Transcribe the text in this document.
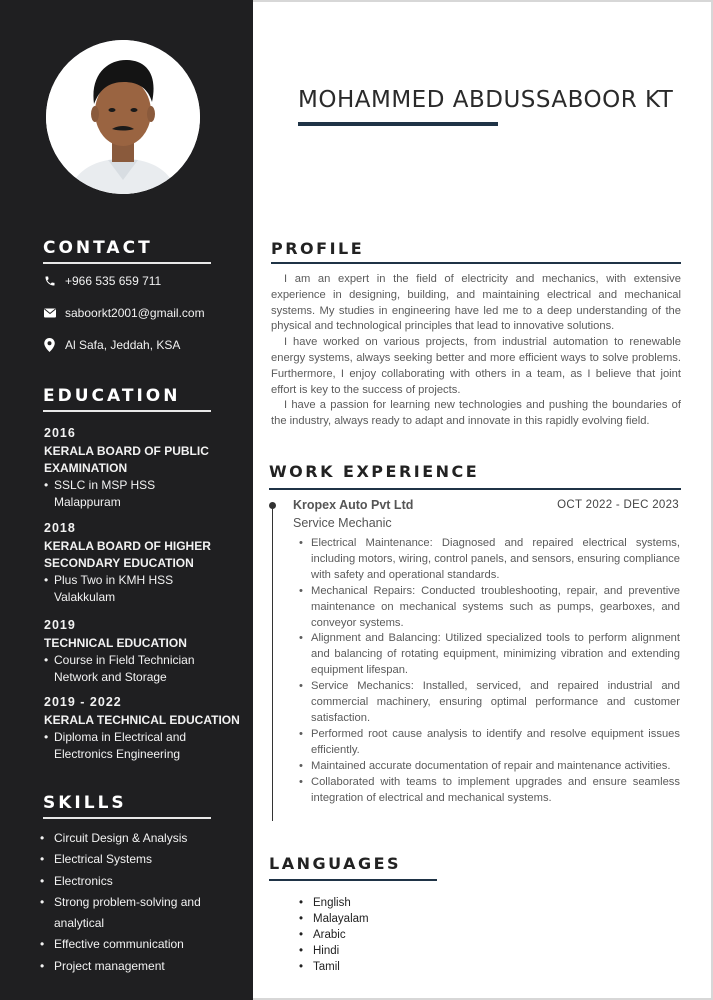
CONTACT
+966 535 659 711
saboorkt2001@gmail.com
Al Safa, Jeddah, KSA
EDUCATION
2016
KERALA BOARD OF PUBLIC
EXAMINATION
• SSLC in MSP HSS
Malappuram
2018
KERALA BOARD OF HIGHER
SECONDARY EDUCATION
• Plus Two in KMH HSS
Valakkulam
2019
TECHNICAL EDUCATION
• Course in Field Technician
Network and Storage
2019 - 2022
KERALA TECHNICAL EDUCATION
• Diploma in Electrical and
Electronics Engineering
SKILLS
• Circuit Design & Analysis
• Electrical Systems
• Electronics
• Strong problem-solving and
analytical
• Effective communication
• Project management
MOHAMMED ABDUSSABOOR KT
PROFILE

I am an expert in the field of electricity and mechanics, with extensive experience in designing, building, and maintaining electrical and mechanical systems. My studies in engineering have led me to a deep understanding of the physical and technological principles that lead to innovative solutions.

I have worked on various projects, from industrial automation to renewable energy systems, always seeking better and more efficient ways to solve problems. Furthermore, I enjoy collaborating with others in a team, as I believe that joint effort is key to the success of projects.

I have a passion for learning new technologies and pushing the boundaries of the industry, always ready to adapt and innovate in this rapidly evolving field.

WORK EXPERIENCE
Kropex Auto Pvt Ltd	OCT 2022 - DEC 2023
Service Mechanic
• Electrical Maintenance: Diagnosed and repaired electrical systems, including motors, wiring, control panels, and sensors, ensuring compliance with safety and operational standards.
• Mechanical Repairs: Conducted troubleshooting, repair, and preventive maintenance on mechanical systems such as pumps, gearboxes, and conveyor systems.
• Alignment and Balancing: Utilized specialized tools to perform alignment and balancing of rotating equipment, minimizing vibration and extending equipment lifespan.
• Service Mechanics: Installed, serviced, and repaired industrial and commercial machinery, ensuring optimal performance and customer satisfaction.
• Performed root cause analysis to identify and resolve equipment issues efficiently.
• Maintained accurate documentation of repair and maintenance activities.
• Collaborated with teams to implement upgrades and ensure seamless integration of electrical and mechanical systems.
LANGUAGES
• English
• Malayalam
• Arabic
• Hindi
• Tamil
